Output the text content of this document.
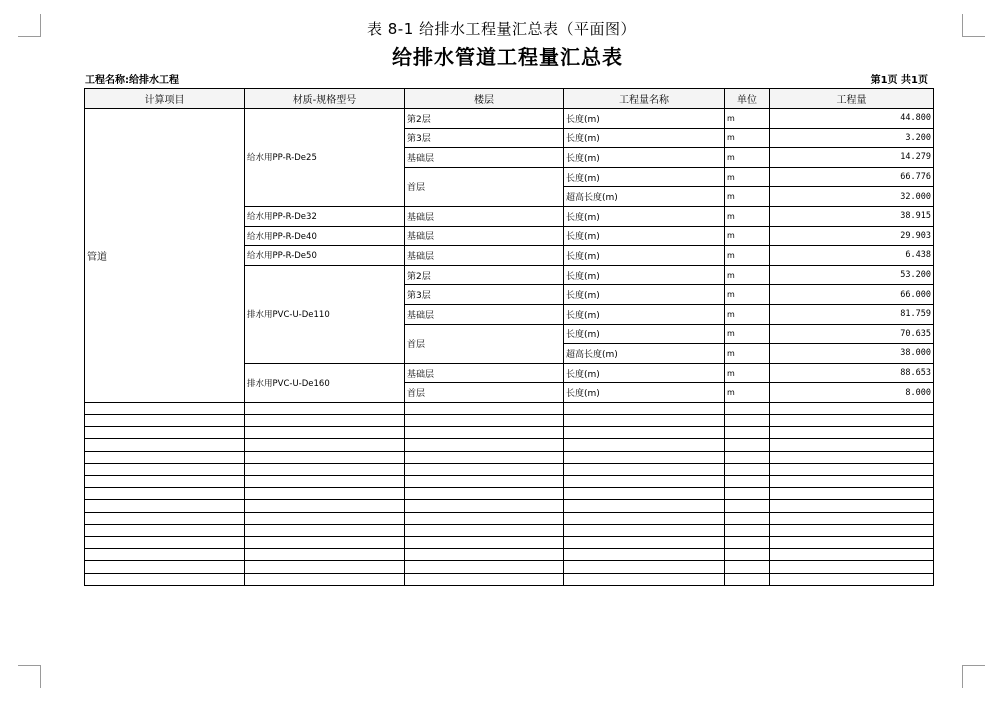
表 8-1 给排水工程量汇总表（平面图）
给排水管道工程量汇总表
工程名称:给排水工程	第1页 共1页
计算项目	材质-规格型号	楼层	工程量名称	单位	工程量
管道	给水用PP-R-De25	第2层	长度(m)	m	44.800
		第3层	长度(m)	m	3.200
		基础层	长度(m)	m	14.279
		首层	长度(m)	m	66.776
			超高长度(m)	m	32.000
	给水用PP-R-De32	基础层	长度(m)	m	38.915
	给水用PP-R-De40	基础层	长度(m)	m	29.903
	给水用PP-R-De50	基础层	长度(m)	m	6.438
	排水用PVC-U-De110	第2层	长度(m)	m	53.200
		第3层	长度(m)	m	66.000
		基础层	长度(m)	m	81.759
		首层	长度(m)	m	70.635
			超高长度(m)	m	38.000
	排水用PVC-U-De160	基础层	长度(m)	m	88.653
		首层	长度(m)	m	8.000
